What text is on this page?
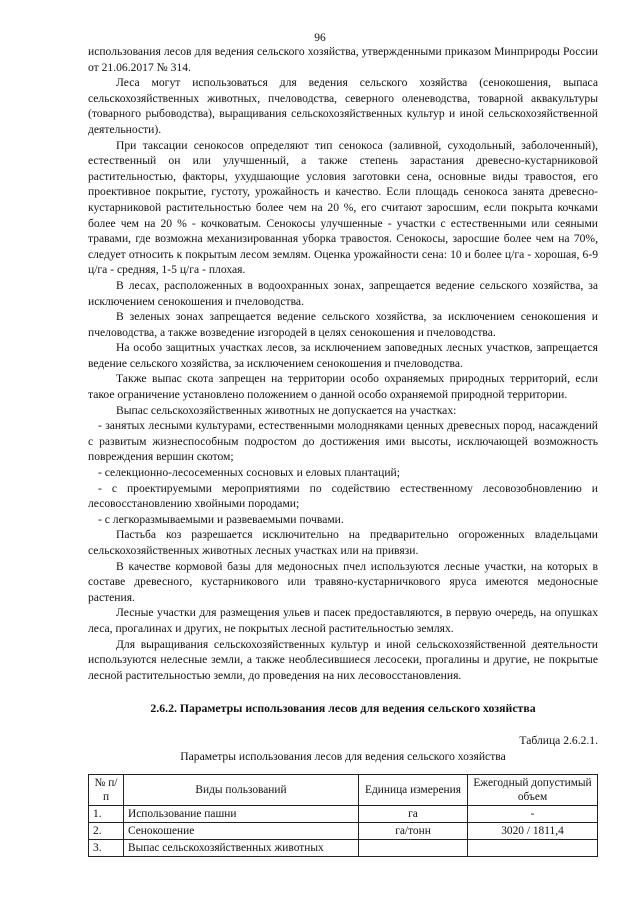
96

использования лесов для ведения сельского хозяйства, утвержденными приказом Минприроды России от 21.06.2017 № 314.

Леса могут использоваться для ведения сельского хозяйства (сенокошения, выпаса сельскохозяйственных животных, пчеловодства, северного оленеводства, товарной аквакультуры (товарного рыбоводства), выращивания сельскохозяйственных культур и иной сельскохозяйственной деятельности).

При таксации сенокосов определяют тип сенокоса (заливной, суходольный, заболоченный), естественный он или улучшенный, а также степень зарастания древесно-кустарниковой растительностью, факторы, ухудшающие условия заготовки сена, основные виды травостоя, его проективное покрытие, густоту, урожайность и качество. Если площадь сенокоса занята древесно-кустарниковой растительностью более чем на 20 %, его считают заросшим, если покрыта кочками более чем на 20 % - кочковатым. Сенокосы улучшенные - участки с естественными или сеяными травами, где возможна механизированная уборка травостоя. Сенокосы, заросшие более чем на 70%, следует относить к покрытым лесом землям. Оценка урожайности сена: 10 и более ц/га - хорошая, 6-9 ц/га - средняя, 1-5 ц/га - плохая.

В лесах, расположенных в водоохранных зонах, запрещается ведение сельского хозяйства, за исключением сенокошения и пчеловодства.

В зеленых зонах запрещается ведение сельского хозяйства, за исключением сенокошения и пчеловодства, а также возведение изгородей в целях сенокошения и пчеловодства.

На особо защитных участках лесов, за исключением заповедных лесных участков, запрещается ведение сельского хозяйства, за исключением сенокошения и пчеловодства.

Также выпас скота запрещен на территории особо охраняемых природных территорий, если такое ограничение установлено положением о данной особо охраняемой природной территории.

Выпас сельскохозяйственных животных не допускается на участках:

- занятых лесными культурами, естественными молодняками ценных древесных пород, насаждений с развитым жизнеспособным подростом до достижения ими высоты, исключающей возможность повреждения вершин скотом;

- селекционно-лесосеменных сосновых и еловых плантаций;

- с проектируемыми мероприятиями по содействию естественному лесовозобновлению и лесовосстановлению хвойными породами;

- с легкоразмываемыми и развеваемыми почвами.

Пастьба коз разрешается исключительно на предварительно огороженных владельцами сельскохозяйственных животных лесных участках или на привязи.

В качестве кормовой базы для медоносных пчел используются лесные участки, на которых в составе древесного, кустарникового или травяно-кустарничкового яруса имеются медоносные растения.

Лесные участки для размещения ульев и пасек предоставляются, в первую очередь, на опушках леса, прогалинах и других, не покрытых лесной растительностью землях.

Для выращивания сельскохозяйственных культур и иной сельскохозяйственной деятельности используются нелесные земли, а также необлесившиеся лесосеки, прогалины и другие, не покрытые лесной растительностью земли, до проведения на них лесовосстановления.

2.6.2. Параметры использования лесов для ведения сельского хозяйства

Таблица 2.6.2.1.

Параметры использования лесов для ведения сельского хозяйства

№ п/п	Виды пользований	Единица измерения	Ежегодный допустимый объем
1.	Использование пашни	га	-
2.	Сенокошение	га/тонн	3020 / 1811,4
3.	Выпас сельскохозяйственных животных		
